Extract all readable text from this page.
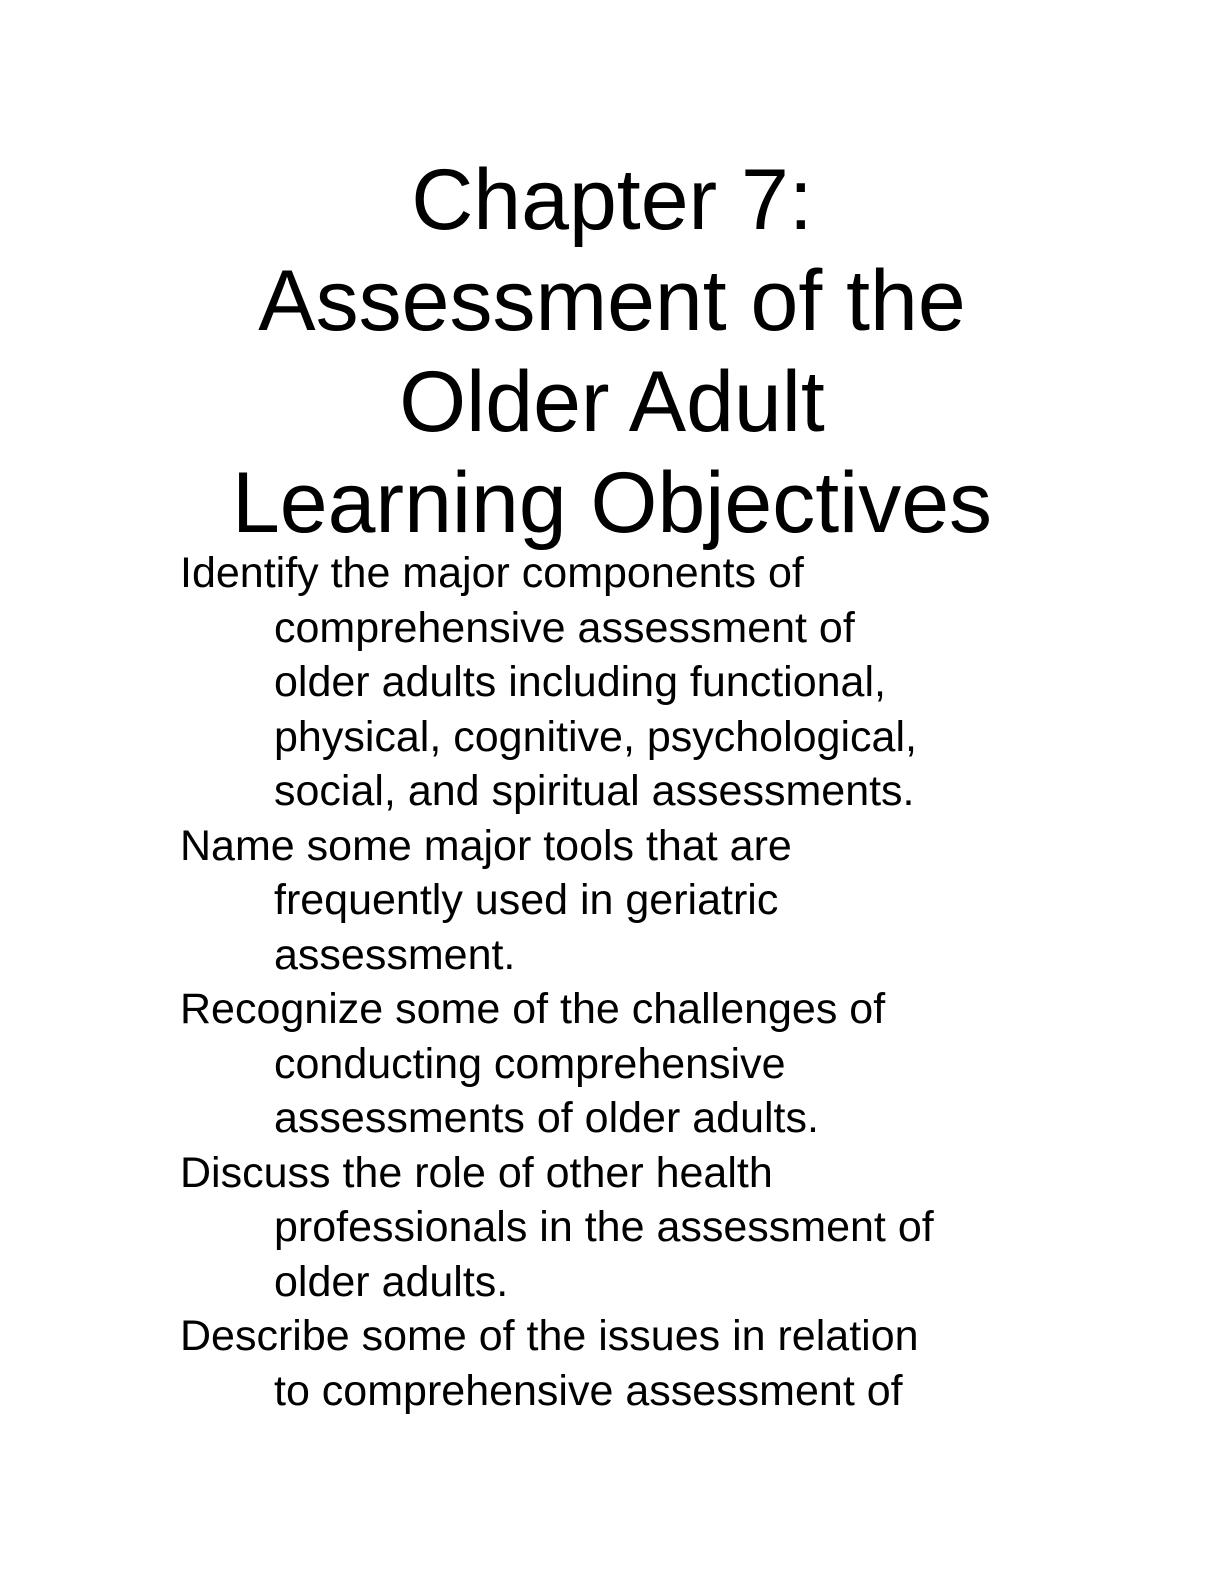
Chapter 7:
Assessment of the
Older Adult
Learning Objectives
Identify the major components of
comprehensive assessment of
older adults including functional,
physical, cognitive, psychological,
social, and spiritual assessments.
Name some major tools that are
frequently used in geriatric
assessment.
Recognize some of the challenges of
conducting comprehensive
assessments of older adults.
Discuss the role of other health
professionals in the assessment of
older adults.
Describe some of the issues in relation
to comprehensive assessment of
